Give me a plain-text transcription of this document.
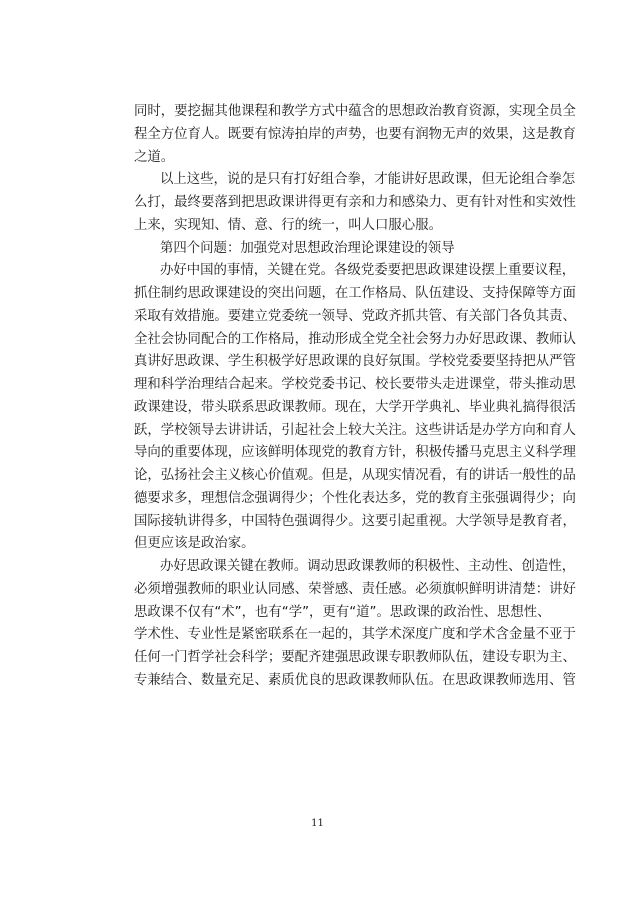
同时，要挖掘其他课程和教学方式中蕴含的思想政治教育资源，实现全员全
程全方位育人。既要有惊涛拍岸的声势，也要有润物无声的效果，这是教育
之道。
以上这些，说的是只有打好组合拳，才能讲好思政课，但无论组合拳怎
么打，最终要落到把思政课讲得更有亲和力和感染力、更有针对性和实效性
上来，实现知、情、意、行的统一，叫人口服心服。
第四个问题：加强党对思想政治理论课建设的领导
办好中国的事情，关键在党。各级党委要把思政课建设摆上重要议程，
抓住制约思政课建设的突出问题，在工作格局、队伍建设、支持保障等方面
采取有效措施。要建立党委统一领导、党政齐抓共管、有关部门各负其责、
全社会协同配合的工作格局，推动形成全党全社会努力办好思政课、教师认
真讲好思政课、学生积极学好思政课的良好氛围。学校党委要坚持把从严管
理和科学治理结合起来。学校党委书记、校长要带头走进课堂，带头推动思
政课建设，带头联系思政课教师。现在，大学开学典礼、毕业典礼搞得很活
跃，学校领导去讲讲话，引起社会上较大关注。这些讲话是办学方向和育人
导向的重要体现，应该鲜明体现党的教育方针，积极传播马克思主义科学理
论，弘扬社会主义核心价值观。但是，从现实情况看，有的讲话一般性的品
德要求多，理想信念强调得少；个性化表达多，党的教育主张强调得少；向
国际接轨讲得多，中国特色强调得少。这要引起重视。大学领导是教育者，
但更应该是政治家。
办好思政课关键在教师。调动思政课教师的积极性、主动性、创造性，
必须增强教师的职业认同感、荣誉感、责任感。必须旗帜鲜明讲清楚：讲好
思政课不仅有“术”，也有“学”，更有“道”。思政课的政治性、思想性、
学术性、专业性是紧密联系在一起的，其学术深度广度和学术含金量不亚于
任何一门哲学社会科学；要配齐建强思政课专职教师队伍，建设专职为主、
专兼结合、数量充足、素质优良的思政课教师队伍。在思政课教师选用、管
11
